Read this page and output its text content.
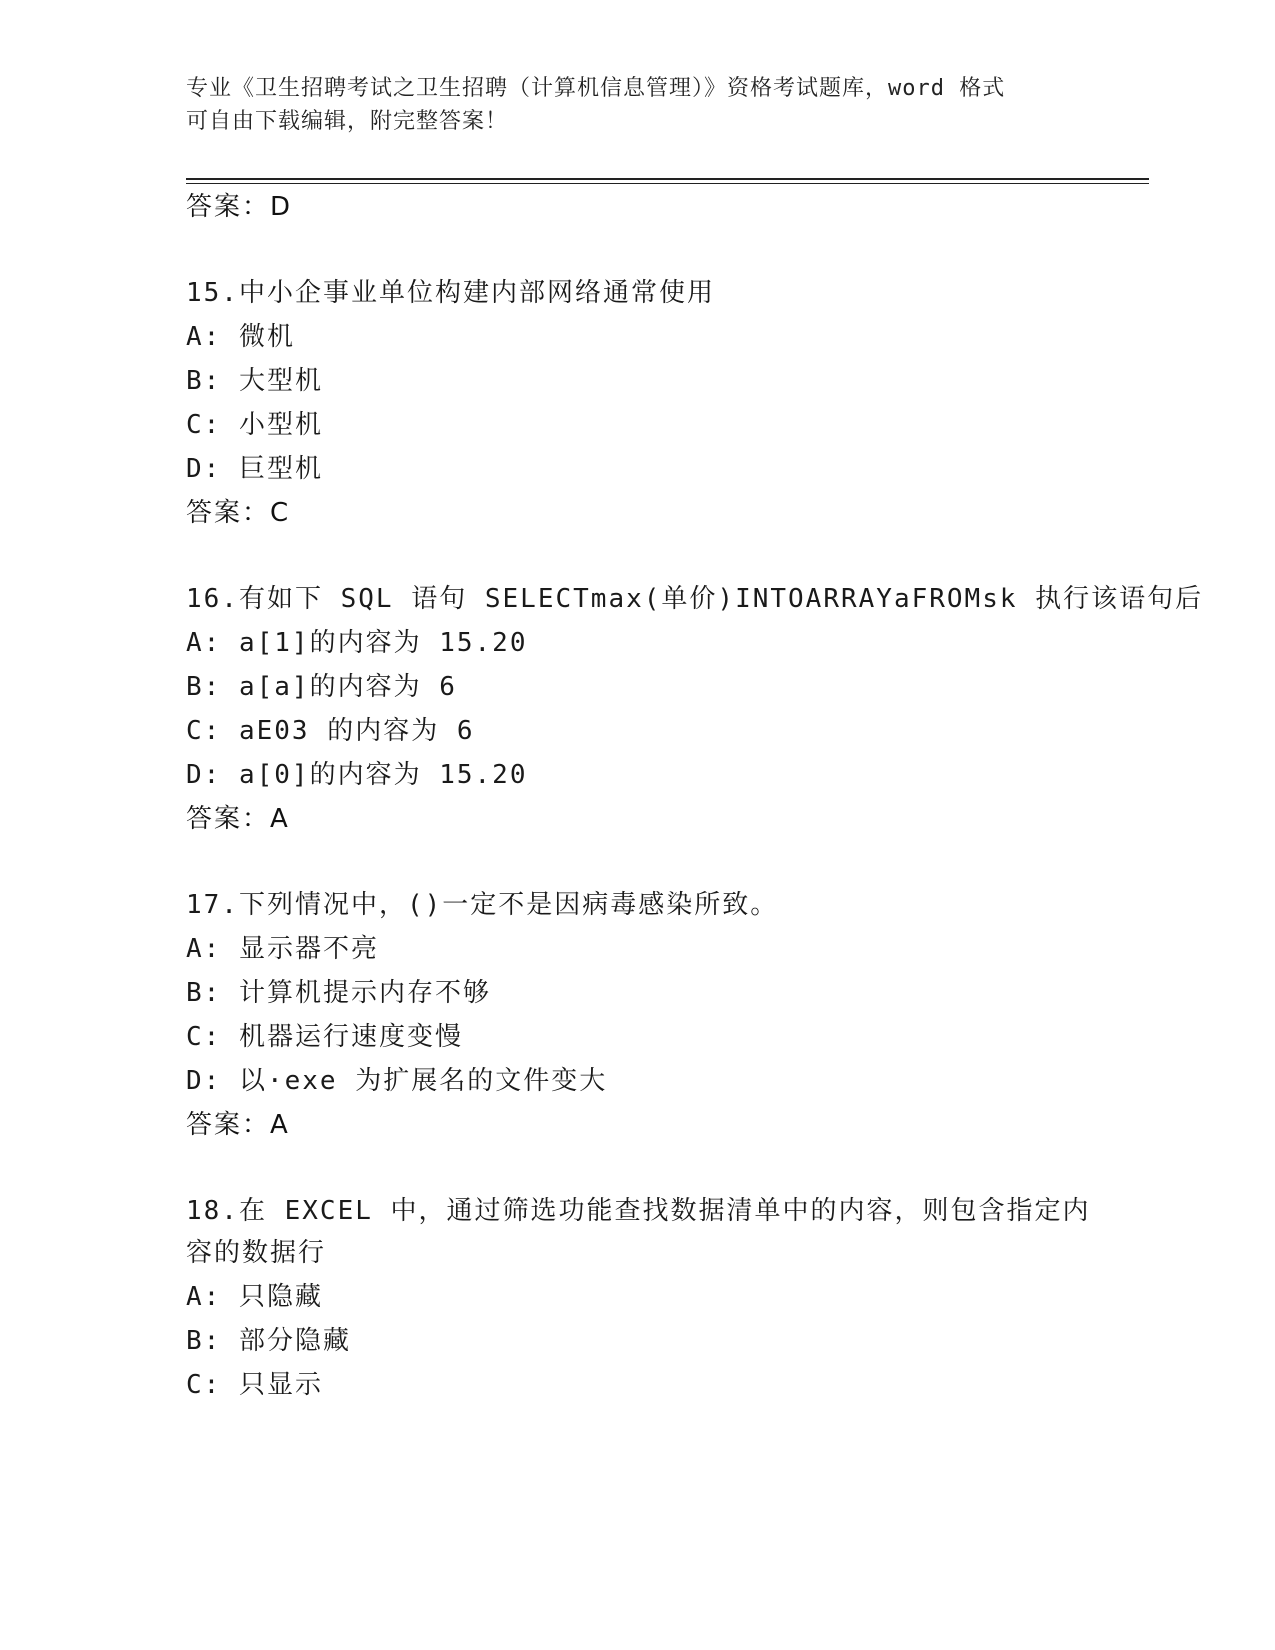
专业《卫生招聘考试之卫生招聘（计算机信息管理）》资格考试题库，word 格式
可自由下载编辑，附完整答案！
答案：D
15.中小企事业单位构建内部网络通常使用
A: 微机
B: 大型机
C: 小型机
D: 巨型机
答案：C
16.有如下 SQL 语句 SELECTmax(单价)INTOARRAYaFROMsk 执行该语句后
A: a[1]的内容为 15.20
B: a[a]的内容为 6
C: aE03 的内容为 6
D: a[0]的内容为 15.20
答案：A
17.下列情况中，()一定不是因病毒感染所致。
A: 显示器不亮
B: 计算机提示内存不够
C: 机器运行速度变慢
D: 以·exe 为扩展名的文件变大
答案：A
18.在 EXCEL 中，通过筛选功能查找数据清单中的内容，则包含指定内
容的数据行
A: 只隐藏
B: 部分隐藏
C: 只显示
